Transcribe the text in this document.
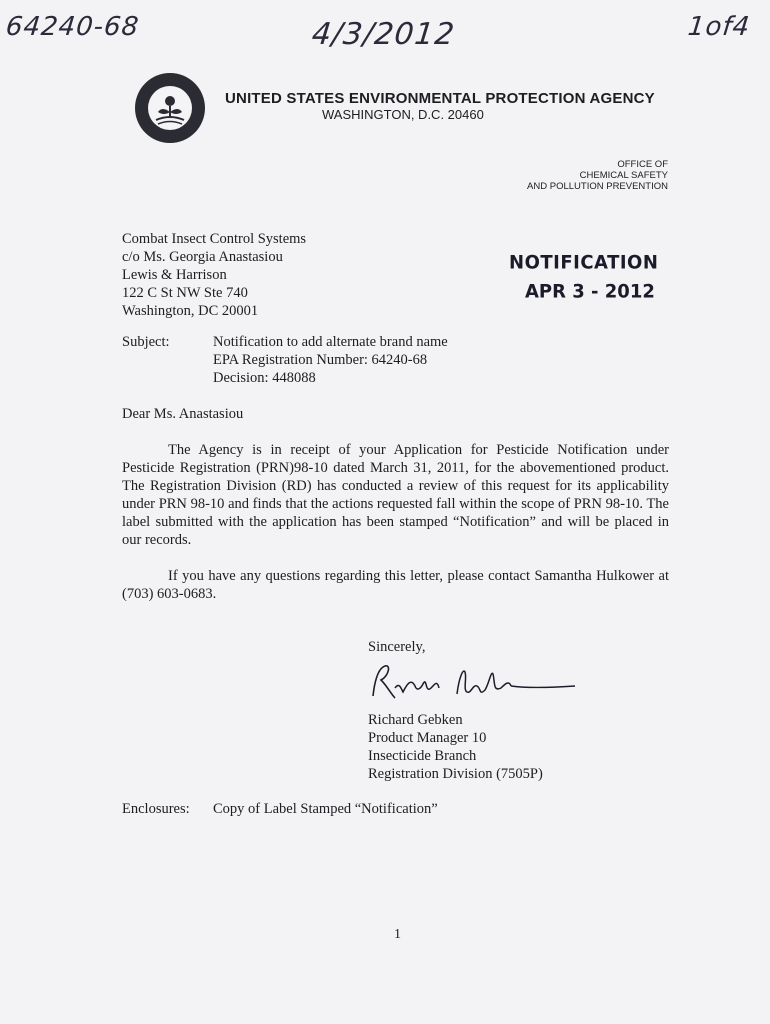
64240-68	4/3/2012	1of4
UNITED STATES ENVIRONMENTAL PROTECTION AGENCY
WASHINGTON, D.C. 20460
OFFICE OF
CHEMICAL SAFETY
AND POLLUTION PREVENTION
Combat Insect Control Systems
c/o Ms. Georgia Anastasiou
Lewis & Harrison
122 C St NW Ste 740
Washington, DC 20001
NOTIFICATION
APR 3 - 2012
Subject:	Notification to add alternate brand name
EPA Registration Number: 64240-68
Decision: 448088
Dear Ms. Anastasiou
The Agency is in receipt of your Application for Pesticide Notification under Pesticide Registration (PRN)98-10 dated March 31, 2011, for the abovementioned product. The Registration Division (RD) has conducted a review of this request for its applicability under PRN 98-10 and finds that the actions requested fall within the scope of PRN 98-10. The label submitted with the application has been stamped “Notification” and will be placed in our records.
If you have any questions regarding this letter, please contact Samantha Hulkower at (703) 603-0683.
Sincerely,
Richard Gebken
Product Manager 10
Insecticide Branch
Registration Division (7505P)
Enclosures: Copy of Label Stamped “Notification”
1
